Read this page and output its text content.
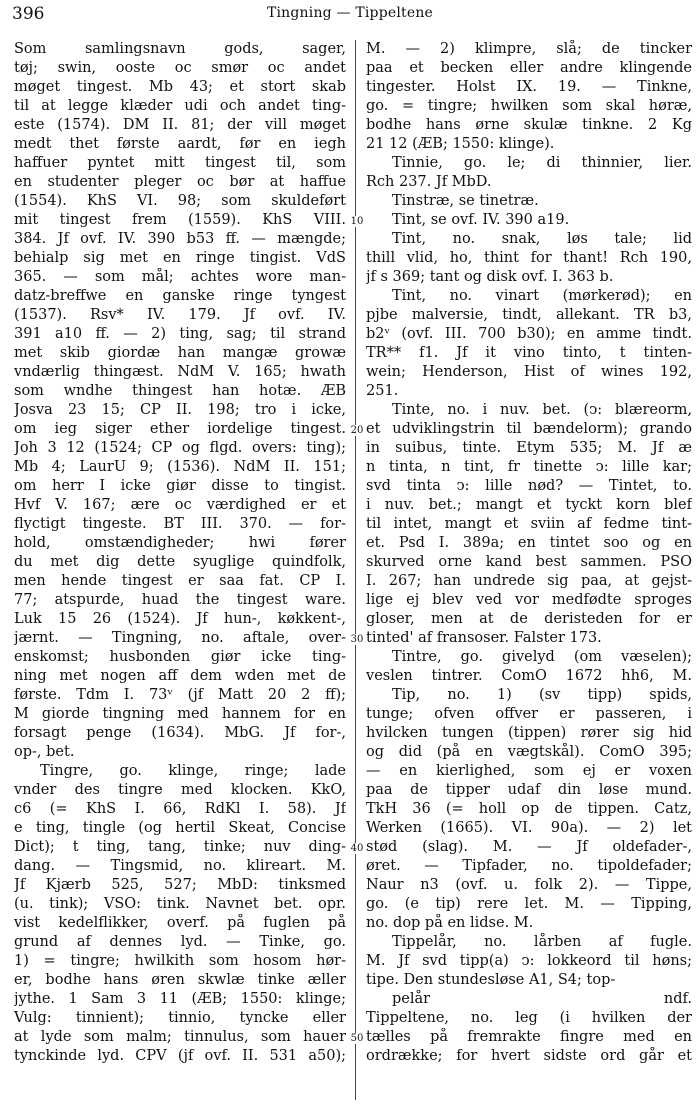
396	Tingning — Tippeltene
Som samlingsnavn gods, sager,
tøj; swin, ooste oc smør oc andet
møget tingest. Mb 43; et stort skab
til at legge klæder udi och andet ting-
este (1574). DM II. 81; der vill møget
medt thet første aardt, før en iegh
haffuer pyntet mitt tingest til, som
en studenter pleger oc bør at haffue
(1554). KhS VI. 98; som skuldeført
mit tingest frem (1559). KhS VIII.
384. Jf ovf. IV. 390 b53 ff. — mængde;
behialp sig met en ringe tingist. VdS
365. — som mål; achtes wore man-
datz-breffwe en ganske ringe tyngest
(1537). Rsv* IV. 179. Jf ovf. IV.
391 a10 ff. — 2) ting, sag; til strand
met skib giordæ han mangæ growæ
vndærlig thingæst. NdM V. 165; hwath
som wndhe thingest han hotæ. ÆB
Josva 23 15; CP II. 198; tro i icke,
om ieg siger ether iordelige tingest.
Joh 3 12 (1524; CP og flgd. overs: ting);
Mb 4; LaurU 9; (1536). NdM II. 151;
om herr I icke giør disse to tingist.
Hvf V. 167; ære oc værdighed er et
flyctigt tingeste. BT III. 370. — for-
hold, omstændigheder; hwi fører
du met dig dette syuglige quindfolk,
men hende tingest er saa fat. CP I.
77; atspurde, huad the tingest ware.
Luk 15 26 (1524). Jf hun-, køkkent-,
jærnt. — Tingning, no. aftale, over-
enskomst; husbonden giør icke ting-
ning met nogen aff dem wden met de
første. Tdm I. 73ᵛ (jf Matt 20 2 ff);
M giorde tingning med hannem for en
forsagt penge (1634). MbG. Jf for-,
op-, bet.
Tingre, go. klinge, ringe; lade
vnder des tingre med klocken. KkO,
c6 (= KhS I. 66, RdKl I. 58). Jf
e ting, tingle (og hertil Skeat, Concise
Dict); t ting, tang, tinke; nuv ding-
dang. — Tingsmid, no. klireart. M.
Jf Kjærb 525, 527; MbD: tinksmed
(u. tink); VSO: tink. Navnet bet. opr.
vist kedelflikker, overf. på fuglen på
grund af dennes lyd. — Tinke, go.
1) = tingre; hwilkith som hosom hør-
er, bodhe hans øren skwlæ tinke æller
jythe. 1 Sam 3 11 (ÆB; 1550: klinge;
Vulg: tinnient); tinnio, tyncke eller
at lyde som malm; tinnulus, som hauer
tynckinde lyd. CPV (jf ovf. II. 531 a50);
10
20
30
40
50
M. — 2) klimpre, slå; de tincker
paa et becken eller andre klingende
tingester. Holst IX. 19. — Tinkne,
go. = tingre; hwilken som skal høræ,
bodhe hans ørne skulæ tinkne. 2 Kg
21 12 (ÆB; 1550: klinge).
Tinnie, go. le; di thinnier, lier.
Rch 237. Jf MbD.
Tinstræ, se tinetræ.
Tint, se ovf. IV. 390 a19.
Tint, no. snak, løs tale; lid
thill vlid, ho, thint for thant! Rch 190,
jf s 369; tant og disk ovf. I. 363 b.
Tint, no. vinart (mørkerød); en
pjbe malversie, tindt, allekant. TR b3,
b2ᵛ (ovf. III. 700 b30); en amme tindt.
TR** f1. Jf it vino tinto, t tinten-
wein; Henderson, Hist of wines 192,
251.
Tinte, no. i nuv. bet. (ↄ: blæreorm,
et udviklingstrin til bændelorm); grando
in suibus, tinte. Etym 535; M. Jf æ
n tinta, n tint, fr tinette ↄ: lille kar;
svd tinta ↄ: lille nød? — Tintet, to.
i nuv. bet.; mangt et tyckt korn blef
til intet, mangt et sviin af fedme tint-
et. Psd I. 389a; en tintet soo og en
skurved orne kand best sammen. PSO
I. 267; han undrede sig paa, at gejst-
lige ej blev ved vor medfødte sproges
gloser, men at de deristeden for er
tinted' af fransoser. Falster 173.
Tintre, go. givelyd (om væselen);
veslen tintrer. ComO 1672 hh6, M.
Tip, no. 1) (sv tipp) spids,
tunge; ofven offver er passeren, i
hvilcken tungen (tippen) rører sig hid
og did (på en vægtskål). ComO 395;
— en kierlighed, som ej er voxen
paa de tipper udaf din løse mund.
TkH 36 (= holl op de tippen. Catz,
Werken (1665). VI. 90a). — 2) let
stød (slag). M. — Jf oldefader-,
øret. — Tipfader, no. tipoldefader;
Naur n3 (ovf. u. folk 2). — Tippe,
go. (e tip) rere let. M. — Tipping,
no. dop på en lidse. M.
Tippelår, no. lårben af fugle.
M. Jf svd tipp(a) ↄ: lokkeord til høns;
tipe. Den stundesløse A1, S4; top-
pelår ndf.
Tippeltene, no. leg (i hvilken der
tælles på fremrakte fingre med en
ordrække; for hvert sidste ord går et
